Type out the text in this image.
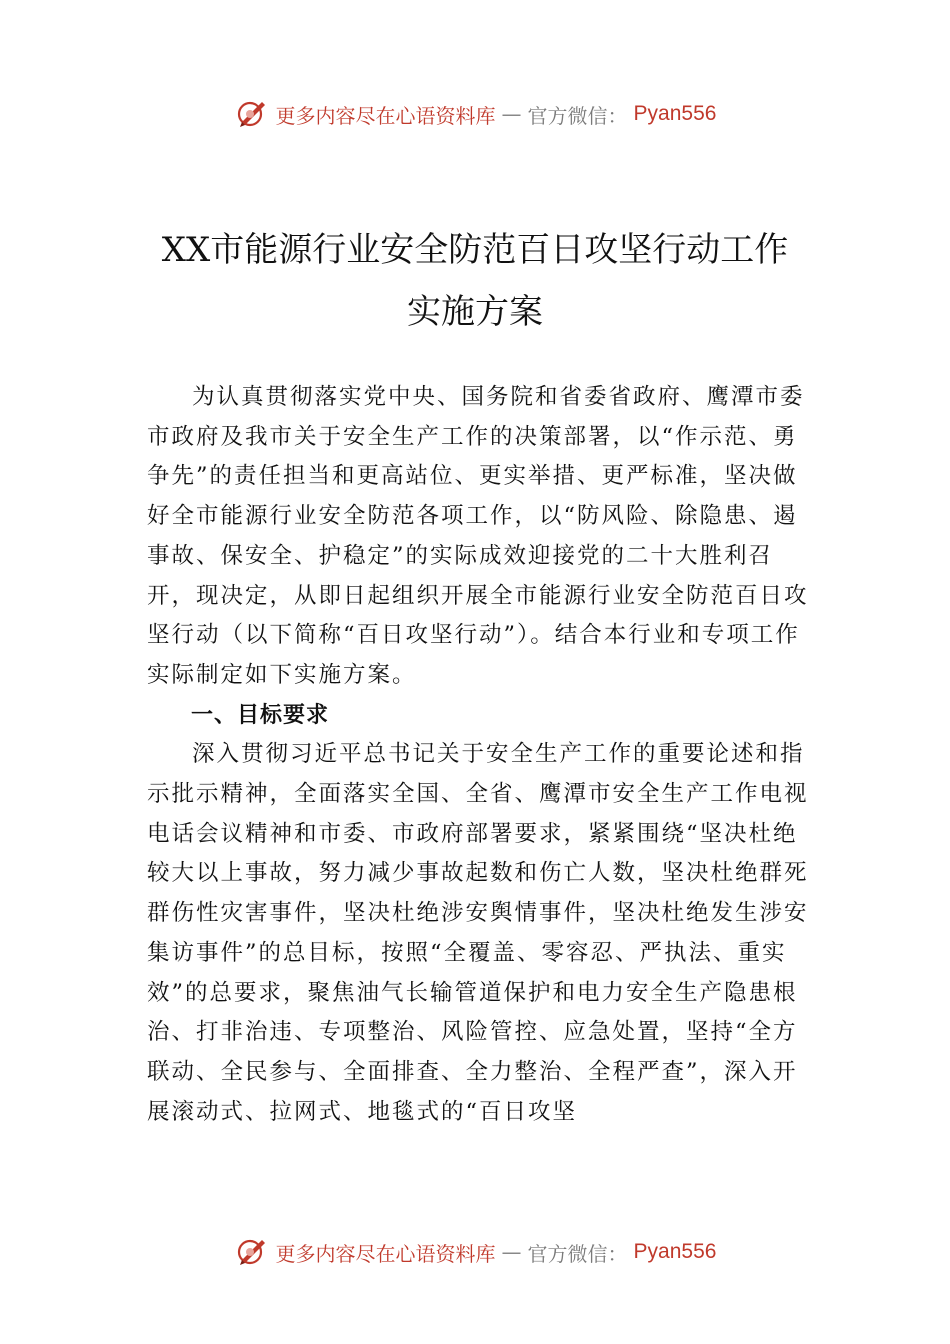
更多内容尽在心语资料库 — 官方微信： Pyan556
XX市能源行业安全防范百日攻坚行动工作
实施方案

为认真贯彻落实党中央、国务院和省委省政府、鹰潭市委市政府及我市关于安全生产工作的决策部署，以“作示范、勇争先”的责任担当和更高站位、更实举措、更严标准，坚决做好全市能源行业安全防范各项工作，以“防风险、除隐患、遏事故、保安全、护稳定”的实际成效迎接党的二十大胜利召开，现决定，从即日起组织开展全市能源行业安全防范百日攻坚行动（以下简称“百日攻坚行动”）。结合本行业和专项工作实际制定如下实施方案。

一、目标要求

深入贯彻习近平总书记关于安全生产工作的重要论述和指示批示精神，全面落实全国、全省、鹰潭市安全生产工作电视电话会议精神和市委、市政府部署要求，紧紧围绕“坚决杜绝较大以上事故，努力减少事故起数和伤亡人数，坚决杜绝群死群伤性灾害事件，坚决杜绝涉安舆情事件，坚决杜绝发生涉安集访事件”的总目标，按照“全覆盖、零容忍、严执法、重实效”的总要求，聚焦油气长输管道保护和电力安全生产隐患根治、打非治违、专项整治、风险管控、应急处置，坚持“全方联动、全民参与、全面排查、全力整治、全程严查”，深入开展滚动式、拉网式、地毯式的“百日攻坚

更多内容尽在心语资料库 — 官方微信： Pyan556
